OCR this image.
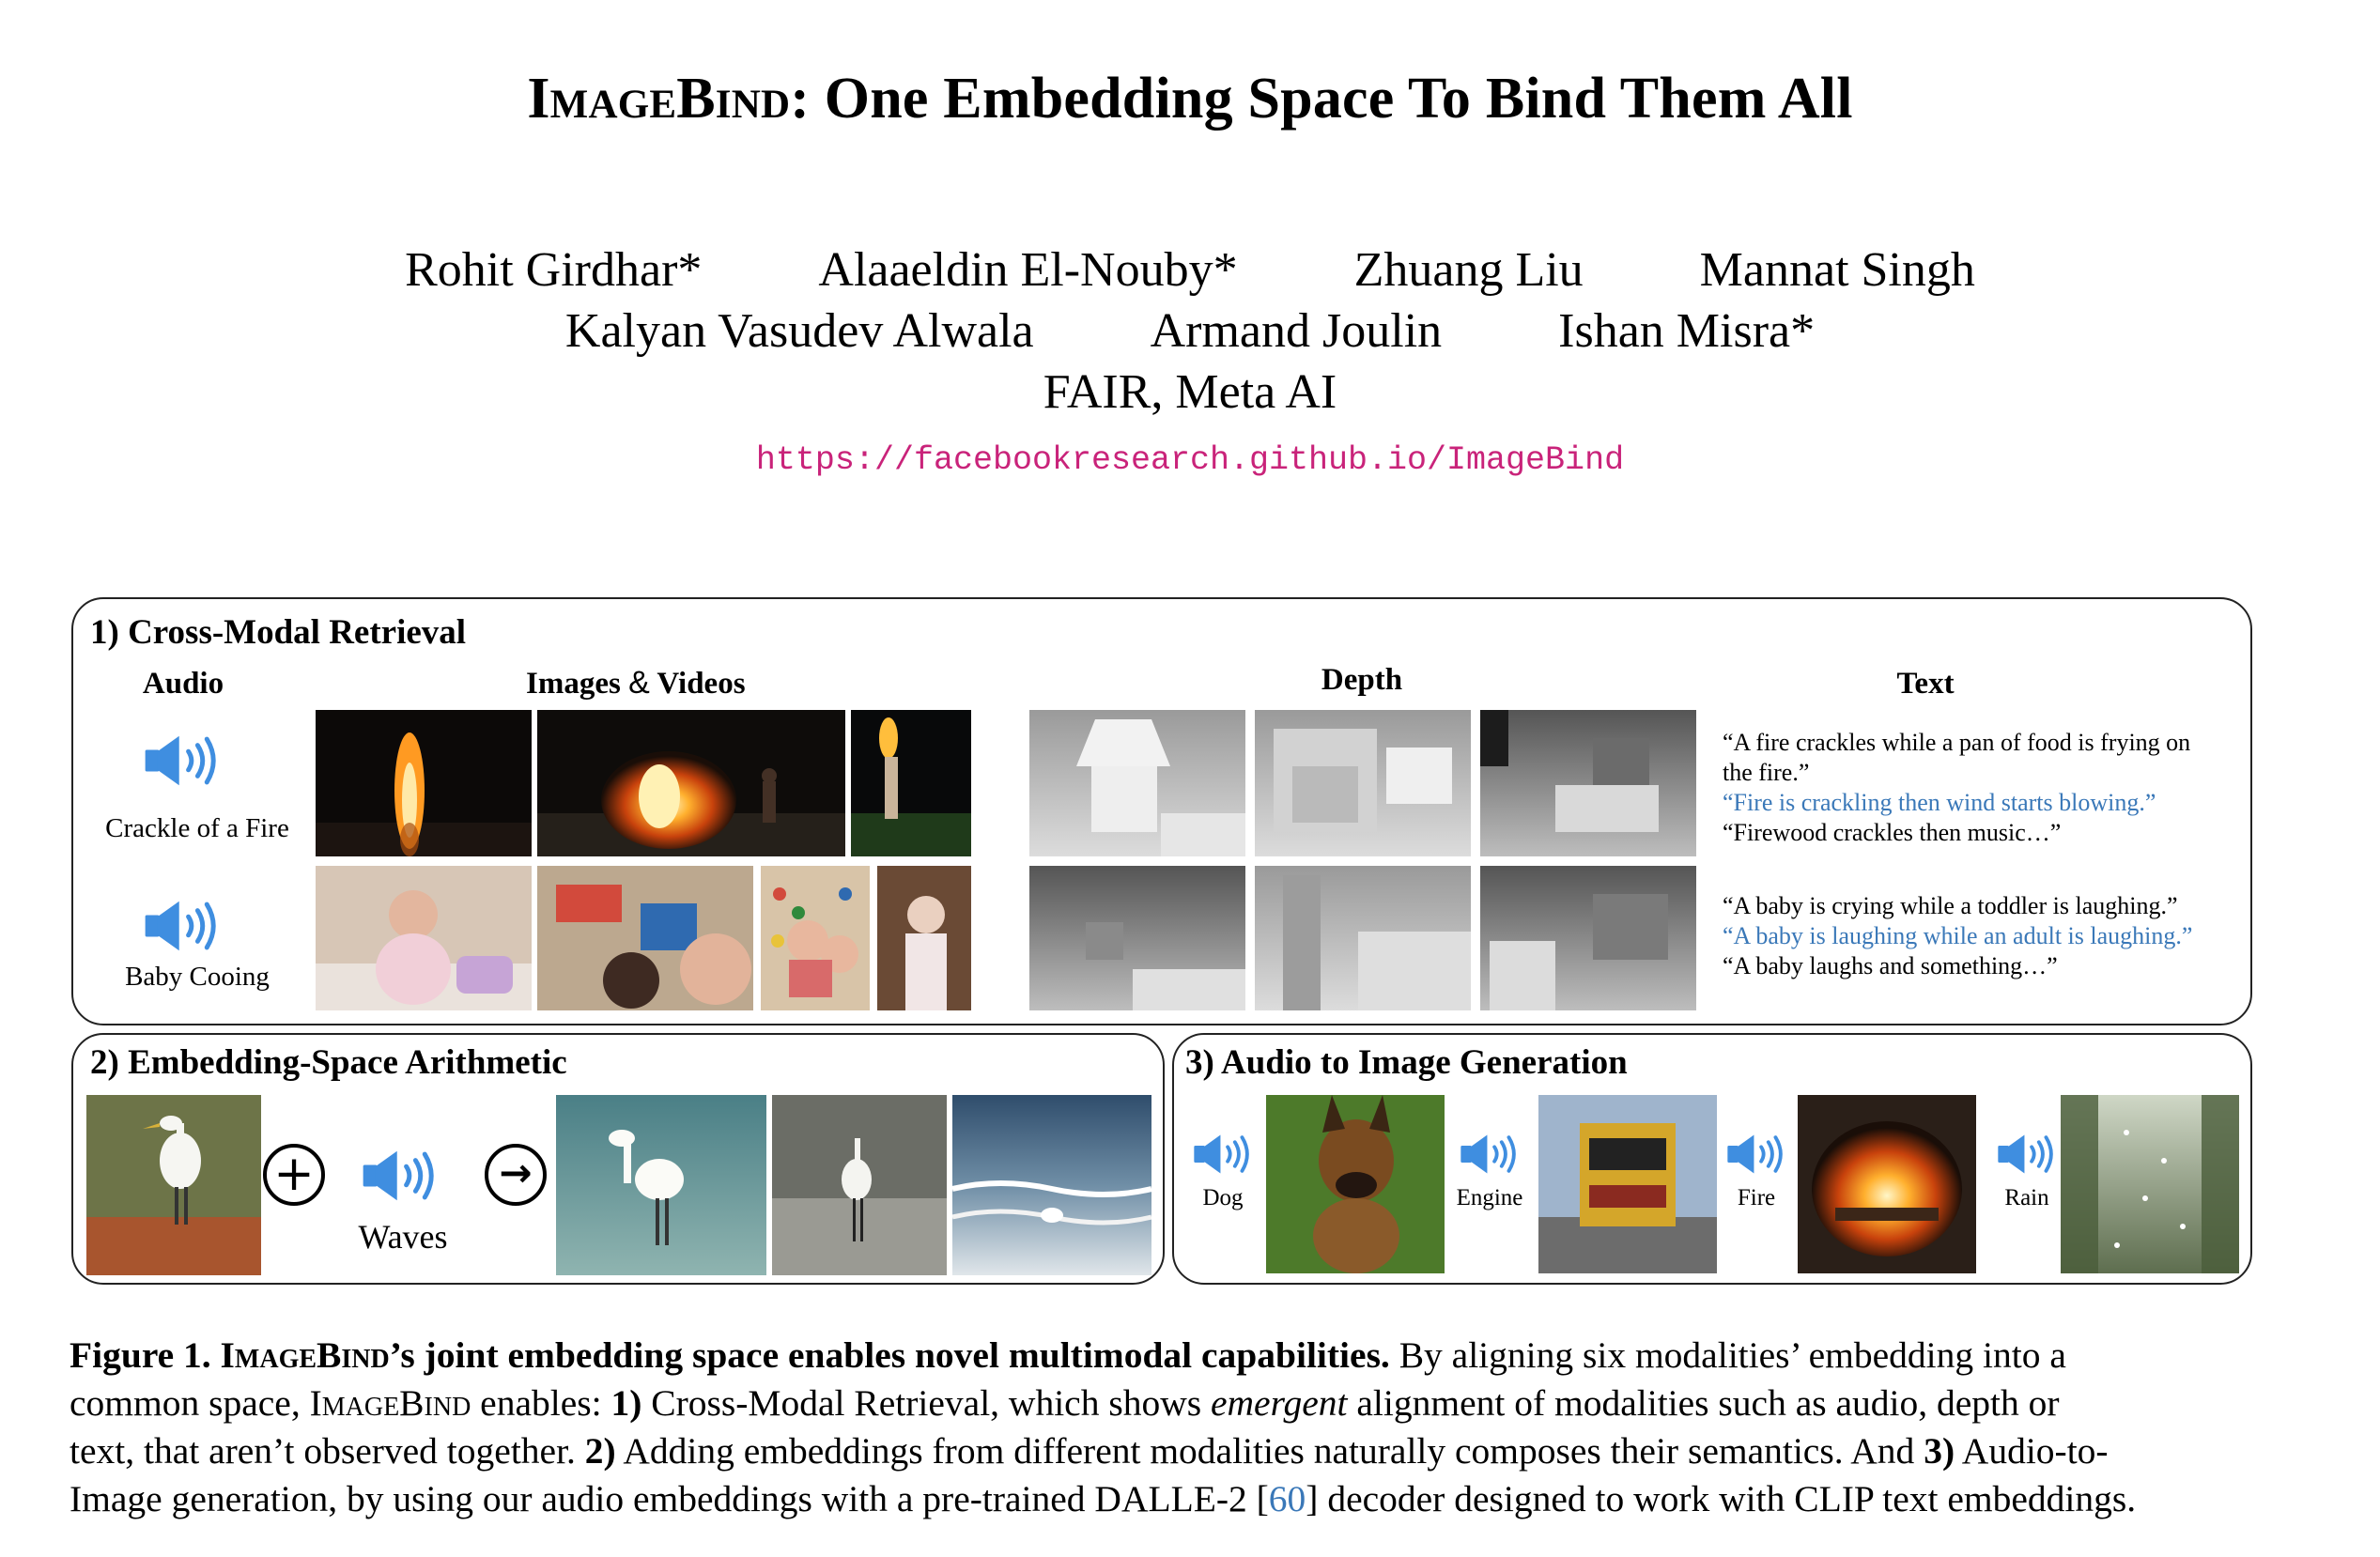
ImageBind: One Embedding Space To Bind Them All
Rohit Girdhar* Alaaeldin El-Nouby* Zhuang Liu Mannat Singh
Kalyan Vasudev Alwala Armand Joulin Ishan Misra*
FAIR, Meta AI
https://facebookresearch.github.io/ImageBind
1) Cross-Modal Retrieval
Audio	Images & Videos	Depth	Text
Crackle of a Fire
Baby Cooing
“A fire crackles while a pan of food is frying on
the fire.”
“Fire is crackling then wind starts blowing.”
“Firewood crackles then music…”
“A baby is crying while a toddler is laughing.”
“A baby is laughing while an adult is laughing.”
“A baby laughs and something…”
2) Embedding-Space Arithmetic
+
Waves
→
3) Audio to Image Generation
Dog	Engine	Fire	Rain
Figure 1. ImageBind’s joint embedding space enables novel multimodal capabilities. By aligning six modalities’ embedding into a
common space, ImageBind enables: 1) Cross-Modal Retrieval, which shows emergent alignment of modalities such as audio, depth or
text, that aren’t observed together. 2) Adding embeddings from different modalities naturally composes their semantics. And 3) Audio-to-
Image generation, by using our audio embeddings with a pre-trained DALLE-2 [60] decoder designed to work with CLIP text embeddings.
